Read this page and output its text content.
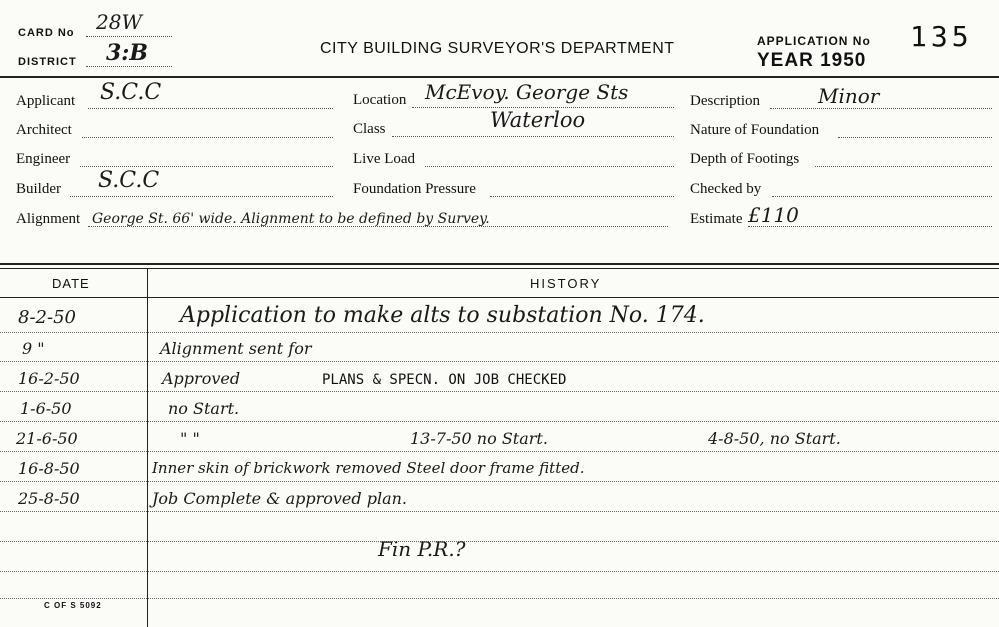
CARD No 28W
DISTRICT 3:B	CITY BUILDING SURVEYOR'S DEPARTMENT	APPLICATION No 135
YEAR 1950
Applicant S.C.C
Architect
Engineer
Builder S.C.C
Alignment George St. 66' wide. Alignment to be defined by Survey.
Location McEvoy. George Sts
Class	Waterloo
Live Load
Foundation Pressure
Description	Minor
Nature of Foundation
Depth of Footings
Checked by
Estimate £110
DATE	HISTORY
8-2-50	Application to make alts to substation No. 174.
9 "	Alignment sent for
16-2-50	Approved	PLANS & SPECN. ON JOB CHECKED
1-6-50	no Start.
21-6-50	" "	13-7-50 no Start.	4-8-50, no Start.
16-8-50	Inner skin of brickwork removed Steel door frame fitted.
25-8-50	Job Complete & approved plan.
Fin P.R.?
C OF S 5092
